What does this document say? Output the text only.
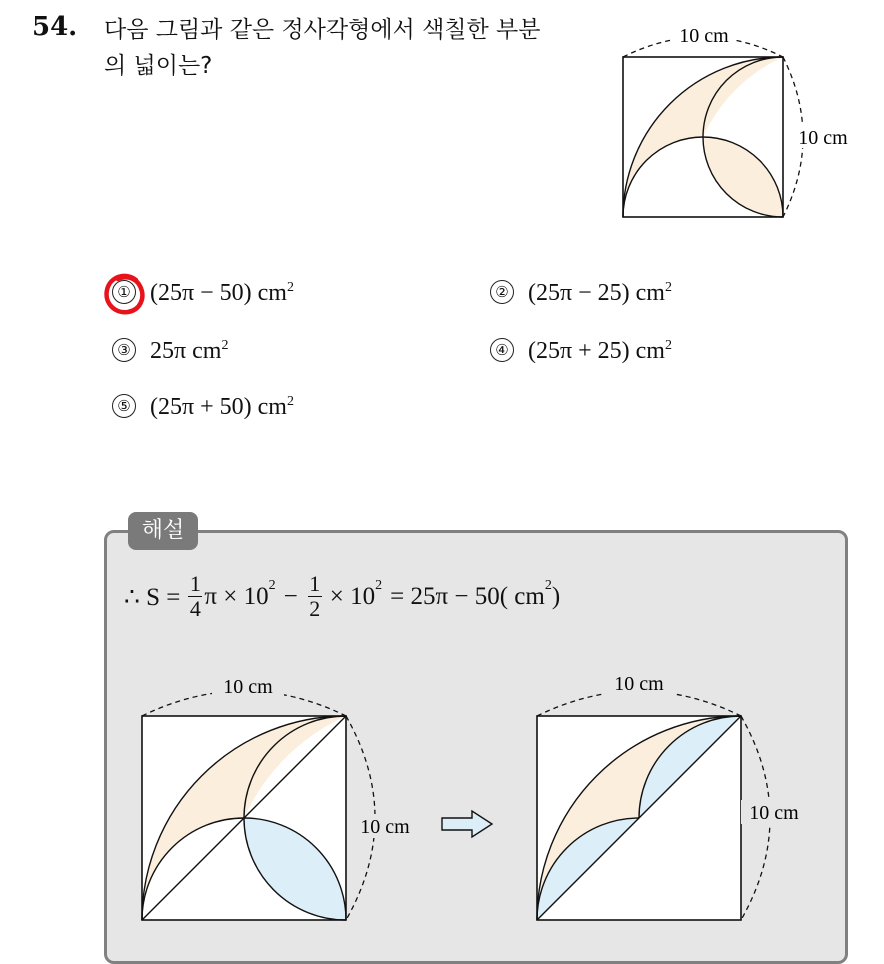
54. 다음 그림과 같은 정사각형에서 색칠한 부분
의 넓이는?
10 cm
10 cm
① (25π − 50) $cm^2$	② (25π − 25) $cm^2$
③ 25π $cm^2$	④ (25π + 25) $cm^2$
⑤ (25π + 50) $cm^2$
해설
∴ $S = \frac{1}{4}$ $\pi \times 10^2 - \frac{1}{2} \times 10^2 = 25\pi - 50$( $cm^2$ )
10 cm
10 cm
10 cm
10 cm
